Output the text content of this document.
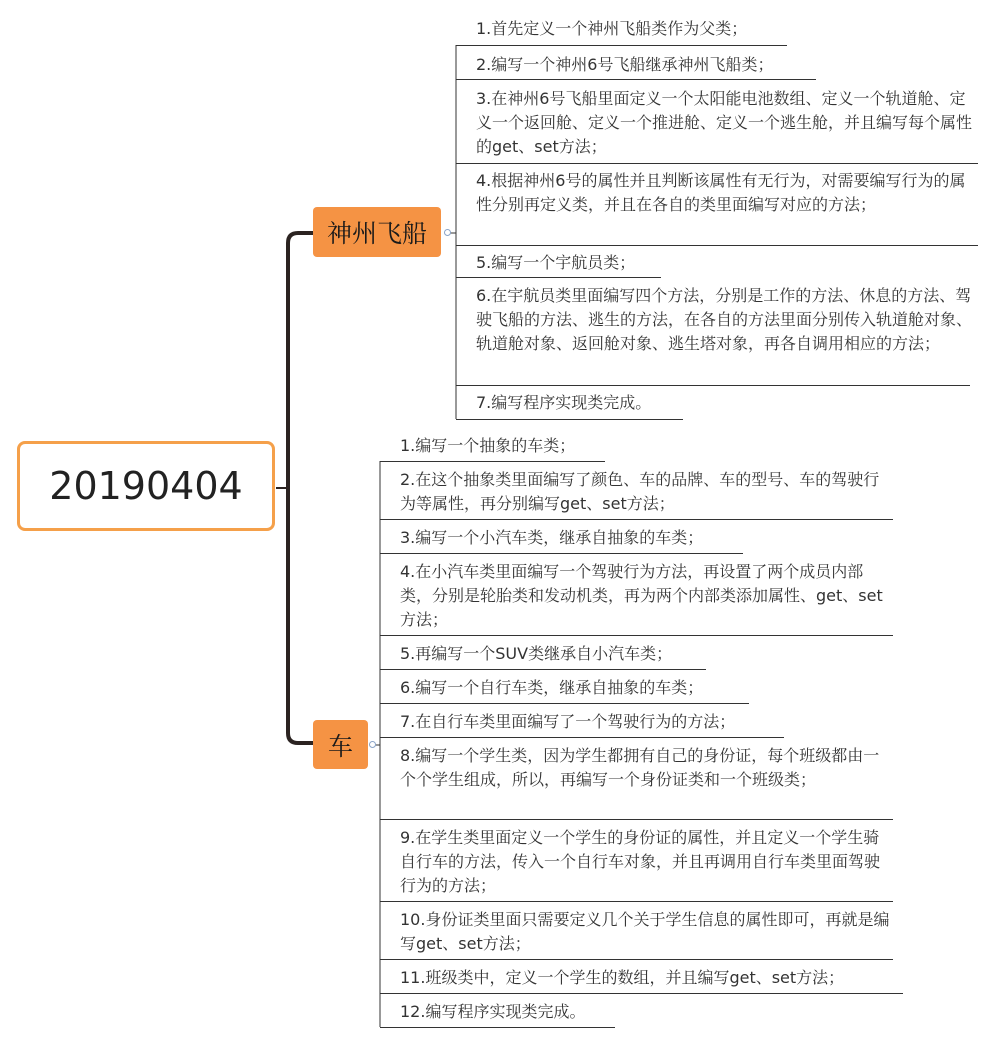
20190404
神州飞船
车
1.首先定义一个神州飞船类作为父类；
2.编写一个神州6号飞船继承神州飞船类；
3.在神州6号飞船里面定义一个太阳能电池数组、定义一个轨道舱、定义一个返回舱、定义一个推进舱、定义一个逃生舱，并且编写每个属性的get、set方法；
4.根据神州6号的属性并且判断该属性有无行为，对需要编写行为的属性分别再定义类，并且在各自的类里面编写对应的方法；
5.编写一个宇航员类；
6.在宇航员类里面编写四个方法，分别是工作的方法、休息的方法、驾驶飞船的方法、逃生的方法，在各自的方法里面分别传入轨道舱对象、轨道舱对象、返回舱对象、逃生塔对象，再各自调用相应的方法；
7.编写程序实现类完成。
1.编写一个抽象的车类；
2.在这个抽象类里面编写了颜色、车的品牌、车的型号、车的驾驶行为等属性，再分别编写get、set方法；
3.编写一个小汽车类，继承自抽象的车类；
4.在小汽车类里面编写一个驾驶行为方法，再设置了两个成员内部类，分别是轮胎类和发动机类，再为两个内部类添加属性、get、set方法；
5.再编写一个SUV类继承自小汽车类；
6.编写一个自行车类，继承自抽象的车类；
7.在自行车类里面编写了一个驾驶行为的方法；
8.编写一个学生类，因为学生都拥有自己的身份证，每个班级都由一个个学生组成，所以，再编写一个身份证类和一个班级类；
9.在学生类里面定义一个学生的身份证的属性，并且定义一个学生骑自行车的方法，传入一个自行车对象，并且再调用自行车类里面驾驶行为的方法；
10.身份证类里面只需要定义几个关于学生信息的属性即可，再就是编写get、set方法；
11.班级类中，定义一个学生的数组，并且编写get、set方法；
12.编写程序实现类完成。
